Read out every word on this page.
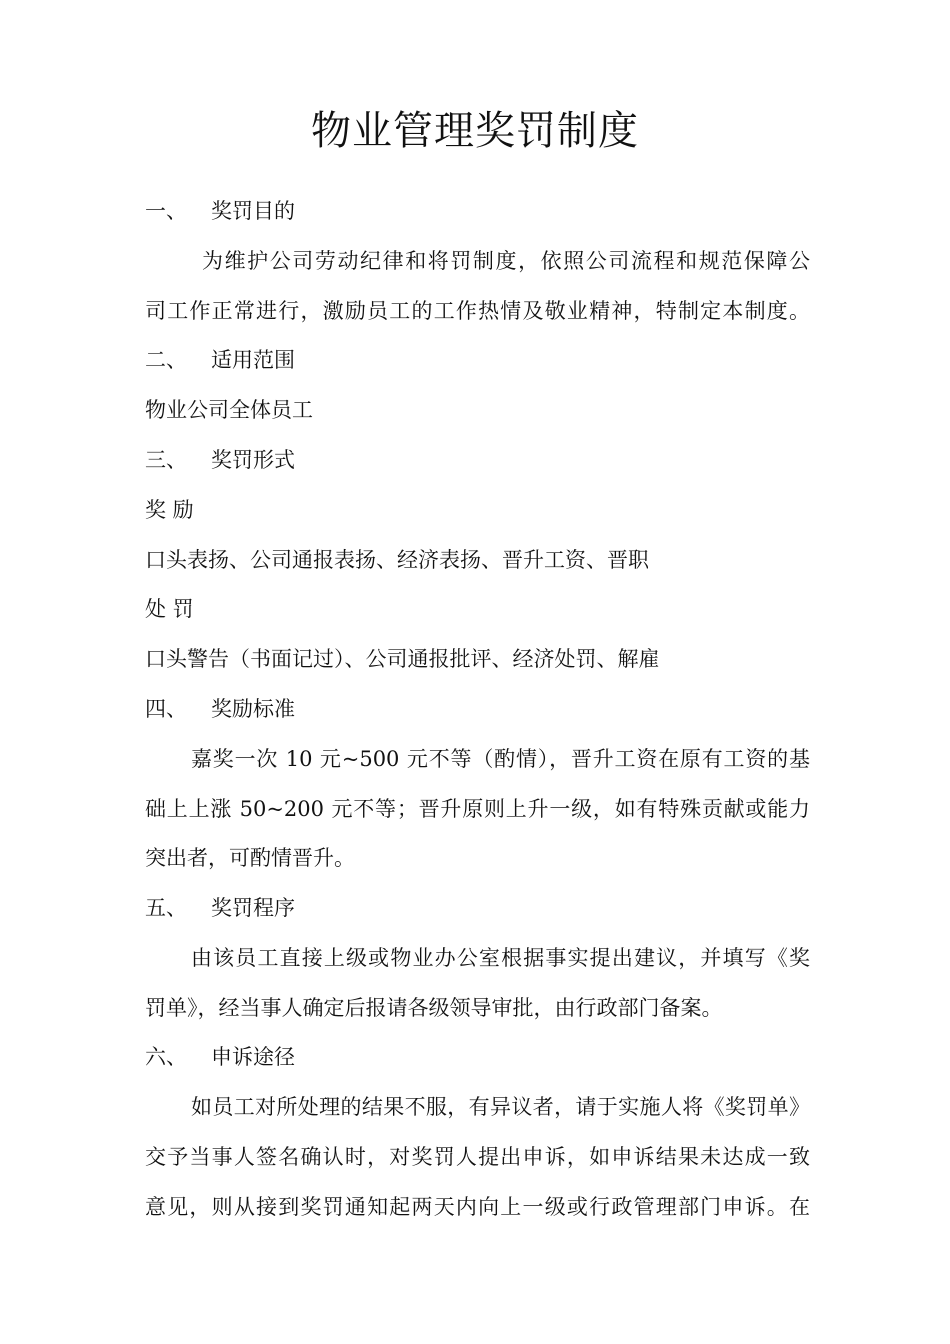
物业管理奖罚制度
一、 奖罚目的
为维护公司劳动纪律和将罚制度，依照公司流程和规范保障公
司工作正常进行，激励员工的工作热情及敬业精神，特制定本制度。
二、 适用范围
物业公司全体员工
三、 奖罚形式
奖 励
口头表扬、公司通报表扬、经济表扬、晋升工资、晋职
处 罚
口头警告（书面记过）、公司通报批评、经济处罚、解雇
四、 奖励标准
嘉奖一次 10 元~500 元不等（酌情），晋升工资在原有工资的基
础上上涨 50~200 元不等；晋升原则上升一级，如有特殊贡献或能力
突出者，可酌情晋升。
五、 奖罚程序
由该员工直接上级或物业办公室根据事实提出建议，并填写《奖
罚单》，经当事人确定后报请各级领导审批，由行政部门备案。
六、 申诉途径
如员工对所处理的结果不服，有异议者，请于实施人将《奖罚单》
交予当事人签名确认时，对奖罚人提出申诉，如申诉结果未达成一致
意见，则从接到奖罚通知起两天内向上一级或行政管理部门申诉。在
